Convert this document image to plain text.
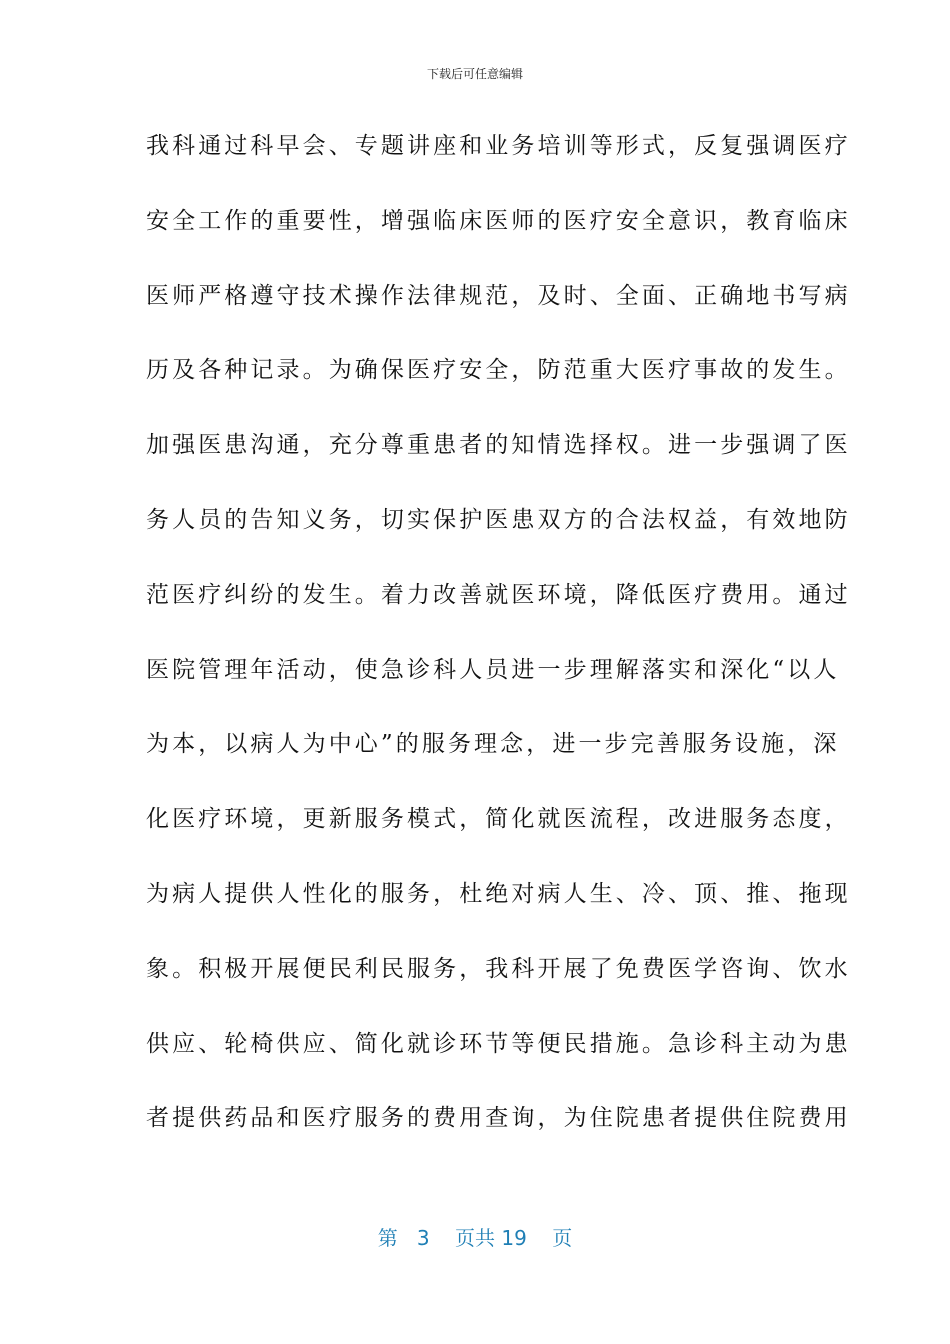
下载后可任意编辑
我科通过科早会、专题讲座和业务培训等形式，反复强调医疗
安全工作的重要性，增强临床医师的医疗安全意识，教育临床
医师严格遵守技术操作法律规范，及时、全面、正确地书写病
历及各种记录。为确保医疗安全，防范重大医疗事故的发生。
加强医患沟通，充分尊重患者的知情选择权。进一步强调了医
务人员的告知义务，切实保护医患双方的合法权益，有效地防
范医疗纠纷的发生。着力改善就医环境，降低医疗费用。通过
医院管理年活动，使急诊科人员进一步理解落实和深化“以人
为本，以病人为中心”的服务理念，进一步完善服务设施，深
化医疗环境，更新服务模式，简化就医流程，改进服务态度，
为病人提供人性化的服务，杜绝对病人生、冷、顶、推、拖现
象。积极开展便民利民服务，我科开展了免费医学咨询、饮水
供应、轮椅供应、简化就诊环节等便民措施。急诊科主动为患
者提供药品和医疗服务的费用查询，为住院患者提供住院费用
第 3 页共 19 页
